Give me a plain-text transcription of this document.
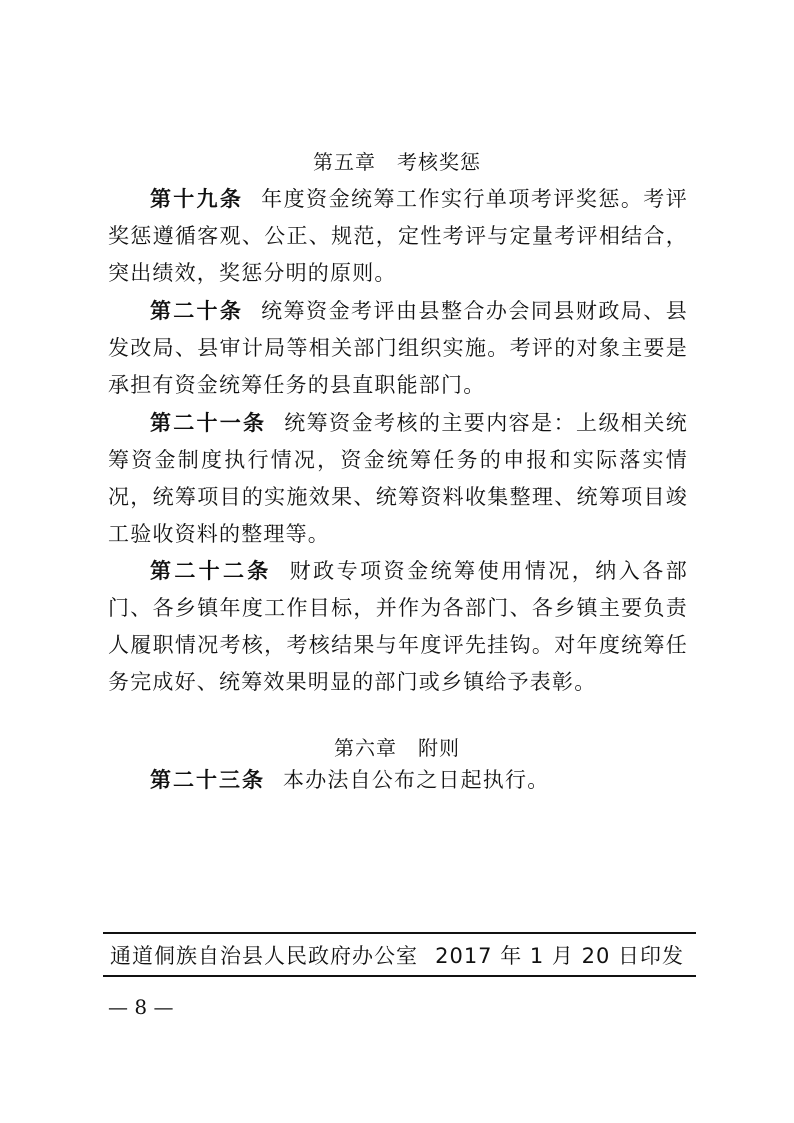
第五章　考核奖惩
第十九条 年度资金统筹工作实行单项考评奖惩。考评奖惩遵循客观、公正、规范，定性考评与定量考评相结合，突出绩效，奖惩分明的原则。
第二十条 统筹资金考评由县整合办会同县财政局、县发改局、县审计局等相关部门组织实施。考评的对象主要是承担有资金统筹任务的县直职能部门。
第二十一条 统筹资金考核的主要内容是：上级相关统筹资金制度执行情况，资金统筹任务的申报和实际落实情况，统筹项目的实施效果、统筹资料收集整理、统筹项目竣工验收资料的整理等。
第二十二条 财政专项资金统筹使用情况，纳入各部门、各乡镇年度工作目标，并作为各部门、各乡镇主要负责人履职情况考核，考核结果与年度评先挂钩。对年度统筹任务完成好、统筹效果明显的部门或乡镇给予表彰。
第六章　附则
第二十三条 本办法自公布之日起执行。
通道侗族自治县人民政府办公室 2017 年 1 月 20 日印发
— 8 —
